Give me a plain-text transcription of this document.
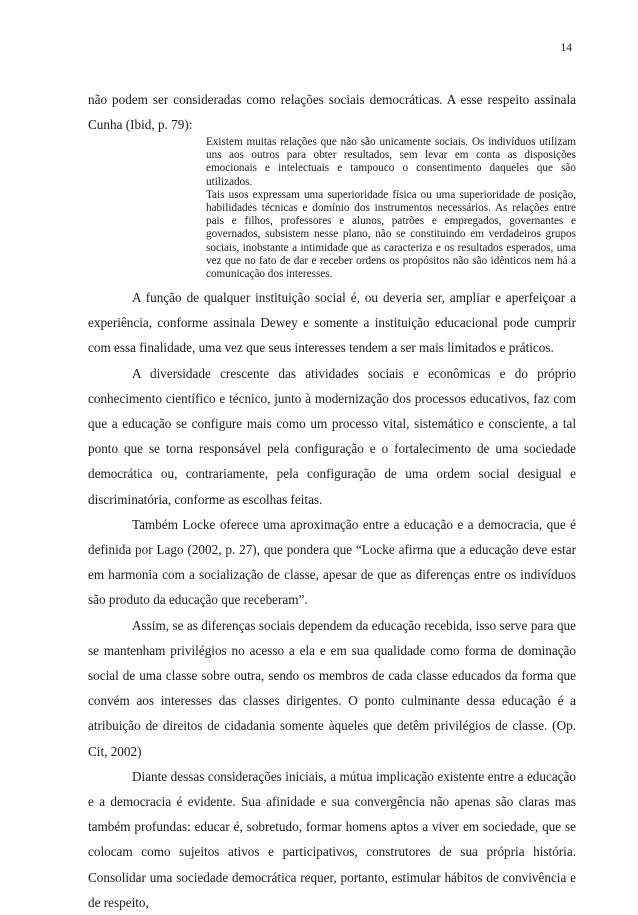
14

não podem ser consideradas como relações sociais democráticas. A esse respeito assinala Cunha (Ibid, p. 79):

Existem muitas relações que não são unicamente sociais. Os indivíduos utilizam uns aos outros para obter resultados, sem levar em conta as disposições emocionais e intelectuais e tampouco o consentimento daqueles que são utilizados.

Tais usos expressam uma superioridade física ou uma superioridade de posição, habilidades técnicas e domínio dos instrumentos necessários. As relações entre pais e filhos, professores e alunos, patrões e empregados, governantes e governados, subsistem nesse plano, não se constituindo em verdadeiros grupos sociais, inobstante a intimidade que as caracteriza e os resultados esperados, uma vez que no fato de dar e receber ordens os propósitos não são idênticos nem há a comunicação dos interesses.

A função de qualquer instituição social é, ou deveria ser, ampliar e aperfeiçoar a experiência, conforme assinala Dewey e somente a instituição educacional pode cumprir com essa finalidade, uma vez que seus interesses tendem a ser mais limitados e práticos.

A diversidade crescente das atividades sociais e econômicas e do próprio conhecimento científico e técnico, junto à modernização dos processos educativos, faz com que a educação se configure mais como um processo vital, sistemático e consciente, a tal ponto que se torna responsável pela configuração e o fortalecimento de uma sociedade democrática ou, contrariamente, pela configuração de uma ordem social desigual e discriminatória, conforme as escolhas feitas.

Também Locke oferece uma aproximação entre a educação e a democracia, que é definida por Lago (2002, p. 27), que pondera que “Locke afirma que a educação deve estar em harmonia com a socialização de classe, apesar de que as diferenças entre os indivíduos são produto da educação que receberam”.

Assim, se as diferenças sociais dependem da educação recebida, isso serve para que se mantenham privilégios no acesso a ela e em sua qualidade como forma de dominação social de uma classe sobre outra, sendo os membros de cada classe educados da forma que convém aos interesses das classes dirigentes. O ponto culminante dessa educação é a atribuição de direitos de cidadania somente àqueles que detêm privilégios de classe. (Op. Cit, 2002)

Diante dessas considerações iniciais, a mútua implicação existente entre a educação e a democracia é evidente. Sua afinidade e sua convergência não apenas são claras mas também profundas: educar é, sobretudo, formar homens aptos a viver em sociedade, que se colocam como sujeitos ativos e participativos, construtores de sua própria história. Consolidar uma sociedade democrática requer, portanto, estimular hábitos de convivência e de respeito,
